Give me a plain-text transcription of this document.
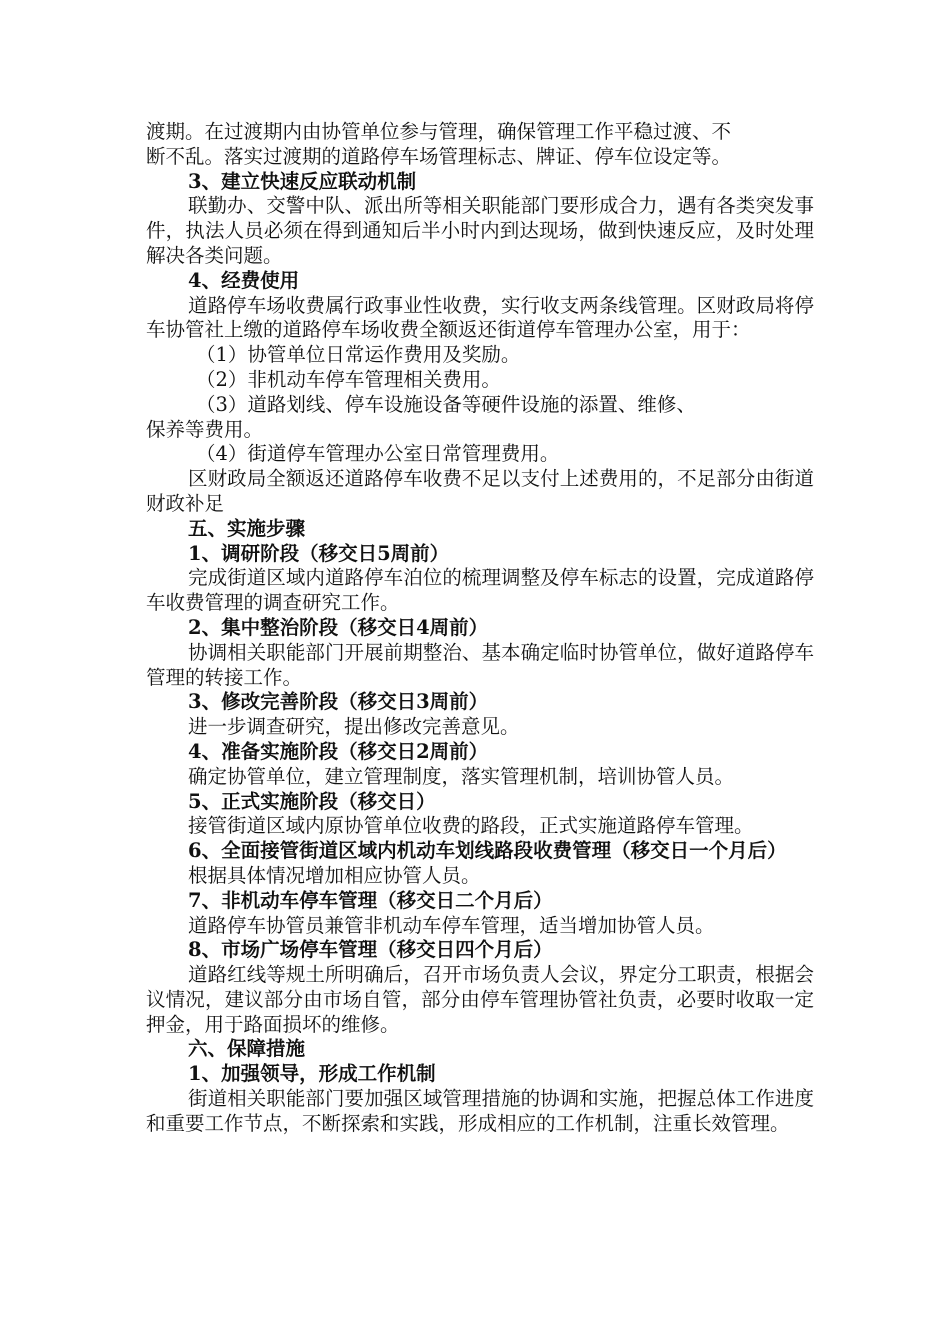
渡期。在过渡期内由协管单位参与管理，确保管理工作平稳过渡、不
断不乱。落实过渡期的道路停车场管理标志、牌证、停车位设定等。
3、建立快速反应联动机制
联勤办、交警中队、派出所等相关职能部门要形成合力，遇有各类突发事件，执法人员必须在得到通知后半小时内到达现场，做到快速反应，及时处理解决各类问题。
4、经费使用
道路停车场收费属行政事业性收费，实行收支两条线管理。区财政局将停车协管社上缴的道路停车场收费全额返还街道停车管理办公室，用于：
（1）协管单位日常运作费用及奖励。
（2）非机动车停车管理相关费用。
（3）道路划线、停车设施设备等硬件设施的添置、维修、
保养等费用。
（4）街道停车管理办公室日常管理费用。
区财政局全额返还道路停车收费不足以支付上述费用的，不足部分由街道财政补足
五、实施步骤
1、调研阶段（移交日5周前）
完成街道区域内道路停车泊位的梳理调整及停车标志的设置，完成道路停车收费管理的调查研究工作。
2、集中整治阶段（移交日4周前）
协调相关职能部门开展前期整治、基本确定临时协管单位，做好道路停车管理的转接工作。
3、修改完善阶段（移交日3周前）
进一步调查研究，提出修改完善意见。
4、准备实施阶段（移交日2周前）
确定协管单位，建立管理制度，落实管理机制，培训协管人员。
5、正式实施阶段（移交日）
接管街道区域内原协管单位收费的路段，正式实施道路停车管理。
6、全面接管街道区域内机动车划线路段收费管理（移交日一个月后）
根据具体情况增加相应协管人员。
7、非机动车停车管理（移交日二个月后）
道路停车协管员兼管非机动车停车管理，适当增加协管人员。
8、市场广场停车管理（移交日四个月后）
道路红线等规土所明确后，召开市场负责人会议，界定分工职责，根据会议情况，建议部分由市场自管，部分由停车管理协管社负责，必要时收取一定押金，用于路面损坏的维修。
六、保障措施
1、加强领导，形成工作机制
街道相关职能部门要加强区域管理措施的协调和实施，把握总体工作进度和重要工作节点，不断探索和实践，形成相应的工作机制，注重长效管理。
